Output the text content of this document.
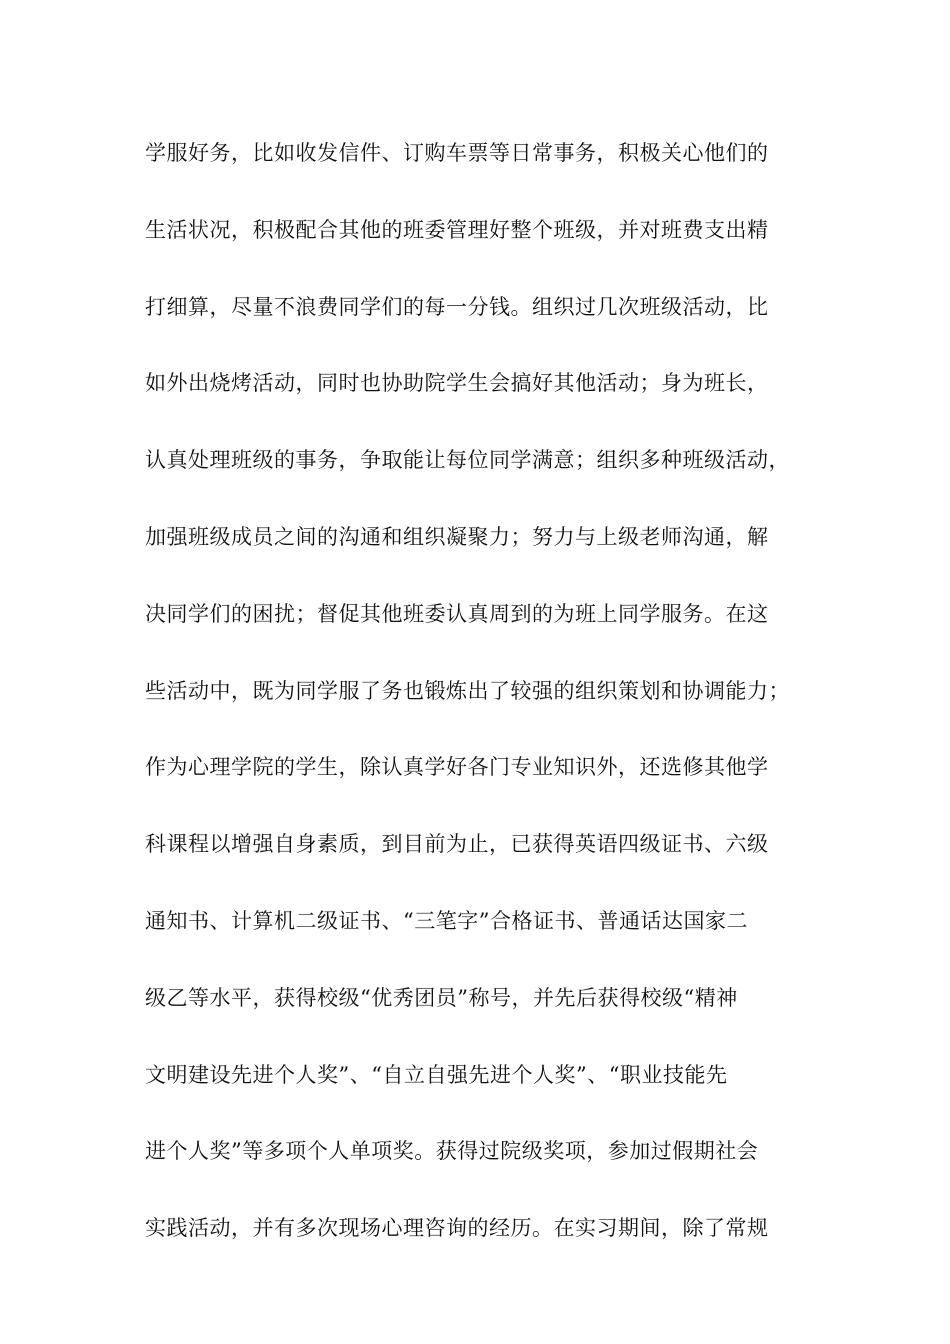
学服好务，比如收发信件、订购车票等日常事务，积极关心他们的
生活状况，积极配合其他的班委管理好整个班级，并对班费支出精
打细算，尽量不浪费同学们的每一分钱。组织过几次班级活动，比
如外出烧烤活动，同时也协助院学生会搞好其他活动；身为班长，
认真处理班级的事务，争取能让每位同学满意；组织多种班级活动，
加强班级成员之间的沟通和组织凝聚力；努力与上级老师沟通，解
决同学们的困扰；督促其他班委认真周到的为班上同学服务。在这
些活动中，既为同学服了务也锻炼出了较强的组织策划和协调能力；
作为心理学院的学生，除认真学好各门专业知识外，还选修其他学
科课程以增强自身素质，到目前为止，已获得英语四级证书、六级
通知书、计算机二级证书、“三笔字”合格证书、普通话达国家二
级乙等水平，获得校级“优秀团员”称号，并先后获得校级“精神
文明建设先进个人奖”、“自立自强先进个人奖”、“职业技能先
进个人奖”等多项个人单项奖。获得过院级奖项，参加过假期社会
实践活动，并有多次现场心理咨询的经历。在实习期间，除了常规
